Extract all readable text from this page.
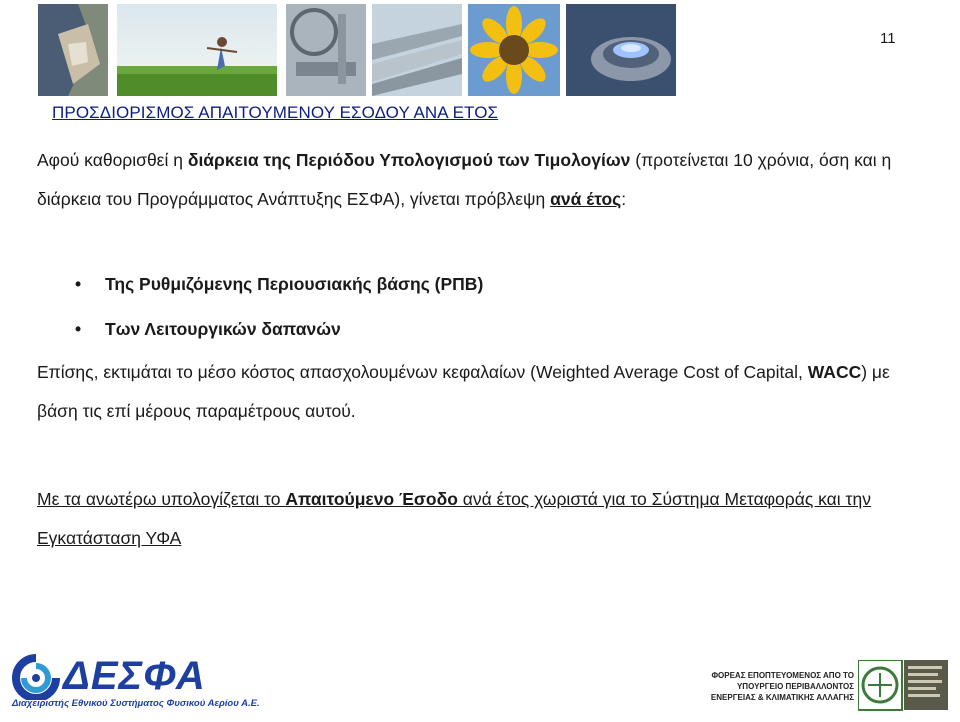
11
ΠΡΟΣΔΙΟΡΙΣΜΟΣ ΑΠΑΙΤΟΥΜΕΝΟΥ ΕΣΟΔΟΥ ΑΝΑ ΕΤΟΣ
Αφού καθορισθεί η διάρκεια της Περιόδου Υπολογισμού των Τιμολογίων (προτείνεται 10 χρόνια, όση και η διάρκεια του Προγράμματος Ανάπτυξης ΕΣΦΑ), γίνεται πρόβλεψη ανά έτος:
• Της Ρυθμιζόμενης Περιουσιακής βάσης (ΡΠΒ)
• Των Λειτουργικών δαπανών
Επίσης, εκτιμάται το μέσο κόστος απασχολουμένων κεφαλαίων (Weighted Average Cost of Capital, WACC) με βάση τις επί μέρους παραμέτρους αυτού.
Με τα ανωτέρω υπολογίζεται το Απαιτούμενο Έσοδο ανά έτος χωριστά για το Σύστημα Μεταφοράς και την Εγκατάσταση ΥΦΑ
ΔΕΣΦΑ
Διαχειριστής Εθνικού Συστήματος Φυσικού Αερίου Α.Ε.
ΦΟΡΕΑΣ ΕΠΟΠΤΕΥΟΜΕΝΟΣ ΑΠΟ ΤΟ ΥΠΟΥΡΓΕΙΟ ΠΕΡΙΒΑΛΛΟΝΤΟΣ ΕΝΕΡΓΕΙΑΣ & ΚΛΙΜΑΤΙΚΗΣ ΑΛΛΑΓΗΣ
